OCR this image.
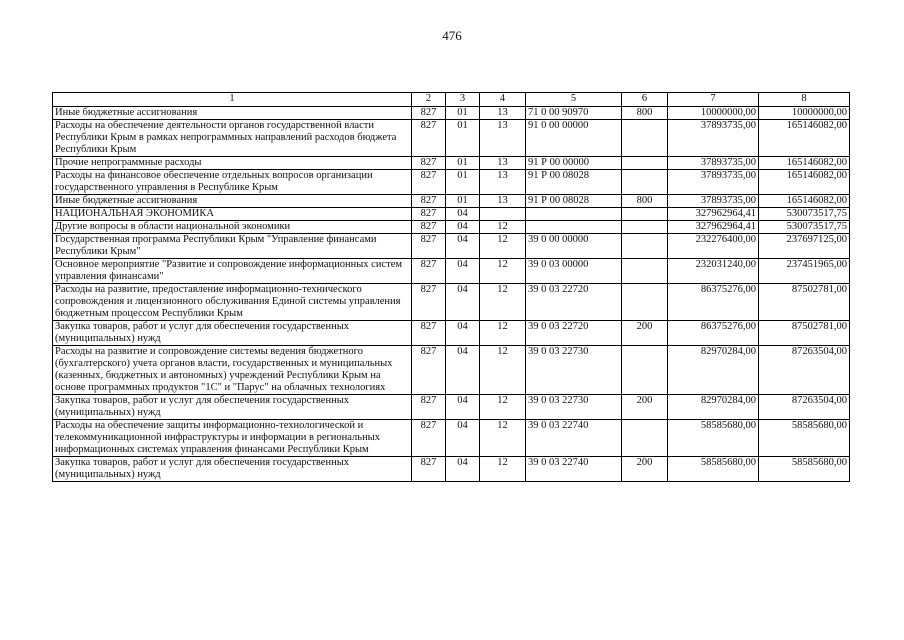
476
1	2	3	4	5	6	7	8
Иные бюджетные ассигнования	827	01	13	71 0 00 90970	800	10000000,00	10000000,00
Расходы на обеспечение деятельности органов государственной власти Республики Крым в рамках непрограммных направлений расходов бюджета Республики Крым	827	01	13	91 0 00 00000		37893735,00	165146082,00
Прочие непрограммные расходы	827	01	13	91 Р 00 00000		37893735,00	165146082,00
Расходы на финансовое обеспечение отдельных вопросов организации государственного управления в Республике Крым	827	01	13	91 Р 00 08028		37893735,00	165146082,00
Иные бюджетные ассигнования	827	01	13	91 Р 00 08028	800	37893735,00	165146082,00
НАЦИОНАЛЬНАЯ ЭКОНОМИКА	827	04				327962964,41	530073517,75
Другие вопросы в области национальной экономики	827	04	12			327962964,41	530073517,75
Государственная программа Республики Крым "Управление финансами Республики Крым"	827	04	12	39 0 00 00000		232276400,00	237697125,00
Основное мероприятие "Развитие и сопровождение информационных систем управления финансами"	827	04	12	39 0 03 00000		232031240,00	237451965,00
Расходы на развитие, предоставление информационно-технического сопровождения и лицензионного обслуживания Единой системы управления бюджетным процессом Республики Крым	827	04	12	39 0 03 22720		86375276,00	87502781,00
Закупка товаров, работ и услуг для обеспечения государственных (муниципальных) нужд	827	04	12	39 0 03 22720	200	86375276,00	87502781,00
Расходы на развитие и сопровождение системы ведения бюджетного (бухгалтерского) учета органов власти, государственных и муниципальных (казенных, бюджетных и автономных) учреждений Республики Крым на основе программных продуктов "1С" и "Парус" на облачных технологиях	827	04	12	39 0 03 22730		82970284,00	87263504,00
Закупка товаров, работ и услуг для обеспечения государственных (муниципальных) нужд	827	04	12	39 0 03 22730	200	82970284,00	87263504,00
Расходы на обеспечение защиты информационно-технологической и телекоммуникационной инфраструктуры и информации в региональных информационных системах управления финансами Республики Крым	827	04	12	39 0 03 22740		58585680,00	58585680,00
Закупка товаров, работ и услуг для обеспечения государственных (муниципальных) нужд	827	04	12	39 0 03 22740	200	58585680,00	58585680,00
